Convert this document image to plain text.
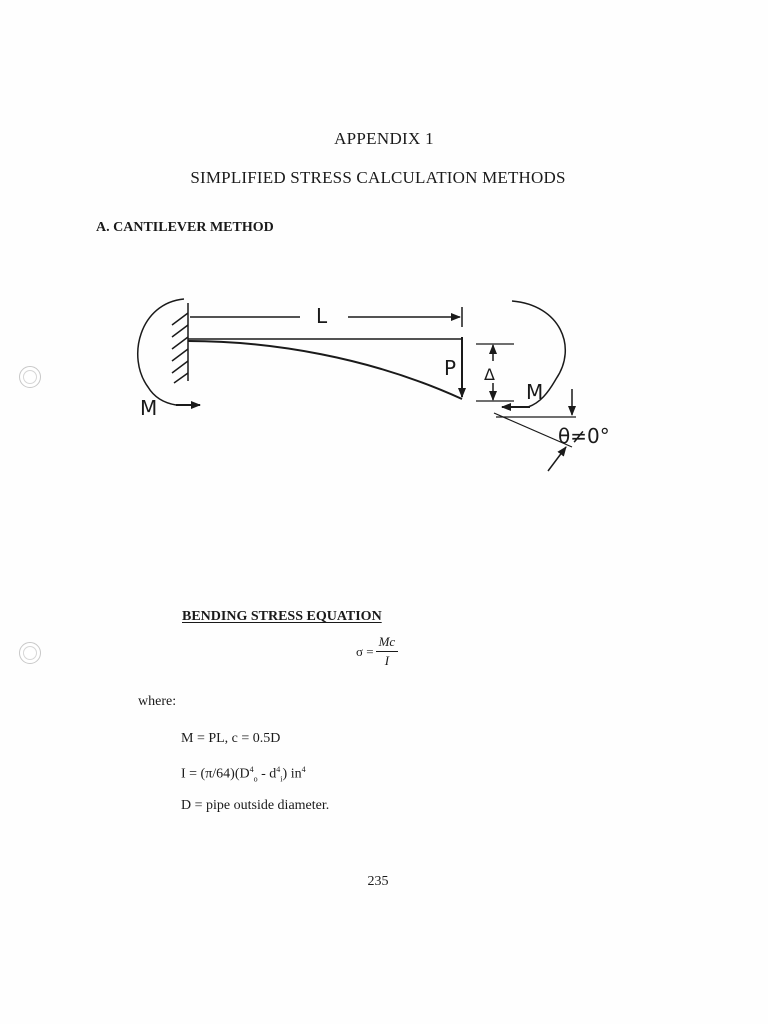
APPENDIX 1
SIMPLIFIED STRESS CALCULATION METHODS
A. CANTILEVER METHOD
M
L
P Δ
M
θ≠0°
BENDING STRESS EQUATION
$\sigma = \frac{Mc}{I}$
where:
M = PL, c = 0.5D
$I = (\pi/64)(D^4_o - d^4_i)$ $in^4$
D = pipe outside diameter.
235
